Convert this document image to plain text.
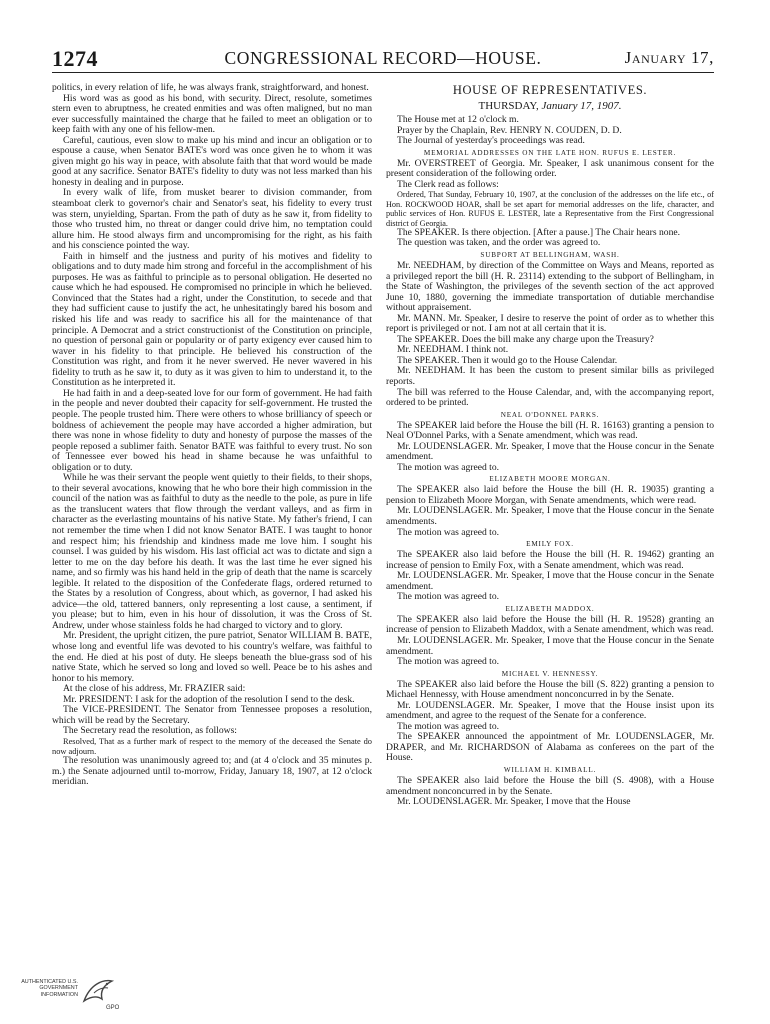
1274	CONGRESSIONAL RECORD—HOUSE.	January 17,

politics, in every relation of life, he was always frank, straightforward, and honest.

His word was as good as his bond, with security. Direct, resolute, sometimes stern even to abruptness, he created enmities and was often maligned, but no man ever successfully maintained the charge that he failed to meet an obligation or to keep faith with any one of his fellow-men.

Careful, cautious, even slow to make up his mind and incur an obligation or to espouse a cause, when Senator BATE's word was once given he to whom it was given might go his way in peace, with absolute faith that that word would be made good at any sacrifice. Senator BATE's fidelity to duty was not less marked than his honesty in dealing and in purpose.

In every walk of life, from musket bearer to division commander, from steamboat clerk to governor's chair and Senator's seat, his fidelity to every trust was stern, unyielding, Spartan. From the path of duty as he saw it, from fidelity to those who trusted him, no threat or danger could drive him, no temptation could allure him. He stood always firm and uncompromising for the right, as his faith and his conscience pointed the way.

Faith in himself and the justness and purity of his motives and fidelity to obligations and to duty made him strong and forceful in the accomplishment of his purposes. He was as faithful to principle as to personal obligation. He deserted no cause which he had espoused. He compromised no principle in which he believed. Convinced that the States had a right, under the Constitution, to secede and that they had sufficient cause to justify the act, he unhesitatingly bared his bosom and risked his life and was ready to sacrifice his all for the maintenance of that principle. A Democrat and a strict constructionist of the Constitution on principle, no question of personal gain or popularity or of party exigency ever caused him to waver in his fidelity to that principle. He believed his construction of the Constitution was right, and from it he never swerved. He never wavered in his fidelity to truth as he saw it, to duty as it was given to him to understand it, to the Constitution as he interpreted it.

He had faith in and a deep-seated love for our form of government. He had faith in the people and never doubted their capacity for self-government. He trusted the people. The people trusted him. There were others to whose brilliancy of speech or boldness of achievement the people may have accorded a higher admiration, but there was none in whose fidelity to duty and honesty of purpose the masses of the people reposed a sublimer faith. Senator BATE was faithful to every trust. No son of Tennessee ever bowed his head in shame because he was unfaithful to obligation or to duty.

While he was their servant the people went quietly to their fields, to their shops, to their several avocations, knowing that he who bore their high commission in the council of the nation was as faithful to duty as the needle to the pole, as pure in life as the translucent waters that flow through the verdant valleys, and as firm in character as the everlasting mountains of his native State. My father's friend, I can not remember the time when I did not know Senator BATE. I was taught to honor and respect him; his friendship and kindness made me love him. I sought his counsel. I was guided by his wisdom. His last official act was to dictate and sign a letter to me on the day before his death. It was the last time he ever signed his name, and so firmly was his hand held in the grip of death that the name is scarcely legible. It related to the disposition of the Confederate flags, ordered returned to the States by a resolution of Congress, about which, as governor, I had asked his advice—the old, tattered banners, only representing a lost cause, a sentiment, if you please; but to him, even in his hour of dissolution, it was the Cross of St. Andrew, under whose stainless folds he had charged to victory and to glory.

Mr. President, the upright citizen, the pure patriot, Senator WILLIAM B. BATE, whose long and eventful life was devoted to his country's welfare, was faithful to the end. He died at his post of duty. He sleeps beneath the blue-grass sod of his native State, which he served so long and loved so well. Peace be to his ashes and honor to his memory.

At the close of his address, Mr. FRAZIER said:

Mr. PRESIDENT: I ask for the adoption of the resolution I send to the desk.

The VICE-PRESIDENT. The Senator from Tennessee proposes a resolution, which will be read by the Secretary.

The Secretary read the resolution, as follows:

Resolved, That as a further mark of respect to the memory of the deceased the Senate do now adjourn.

The resolution was unanimously agreed to; and (at 4 o'clock and 35 minutes p. m.) the Senate adjourned until to-morrow, Friday, January 18, 1907, at 12 o'clock meridian.

HOUSE OF REPRESENTATIVES.
THURSDAY, January 17, 1907.

The House met at 12 o'clock m.

Prayer by the Chaplain, Rev. HENRY N. COUDEN, D. D.

The Journal of yesterday's proceedings was read.

MEMORIAL ADDRESSES ON THE LATE HON. RUFUS E. LESTER.

Mr. OVERSTREET of Georgia. Mr. Speaker, I ask unanimous consent for the present consideration of the following order.

The Clerk read as follows:

Ordered, That Sunday, February 10, 1907, at the conclusion of the addresses on the life etc., of Hon. ROCKWOOD HOAR, shall be set apart for memorial addresses on the life, character, and public services of Hon. RUFUS E. LESTER, late a Representative from the First Congressional district of Georgia.

The SPEAKER. Is there objection. [After a pause.] The Chair hears none.

The question was taken, and the order was agreed to.

SUBPORT AT BELLINGHAM, WASH.

Mr. NEEDHAM, by direction of the Committee on Ways and Means, reported as a privileged report the bill (H. R. 23114) extending to the subport of Bellingham, in the State of Washington, the privileges of the seventh section of the act approved June 10, 1880, governing the immediate transportation of dutiable merchandise without appraisement.

Mr. MANN. Mr. Speaker, I desire to reserve the point of order as to whether this report is privileged or not. I am not at all certain that it is.

The SPEAKER. Does the bill make any charge upon the Treasury?

Mr. NEEDHAM. I think not.

The SPEAKER. Then it would go to the House Calendar.

Mr. NEEDHAM. It has been the custom to present similar bills as privileged reports.

The bill was referred to the House Calendar, and, with the accompanying report, ordered to be printed.

NEAL O'DONNEL PARKS.

The SPEAKER laid before the House the bill (H. R. 16163) granting a pension to Neal O'Donnel Parks, with a Senate amendment, which was read.

Mr. LOUDENSLAGER. Mr. Speaker, I move that the House concur in the Senate amendment.

The motion was agreed to.

ELIZABETH MOORE MORGAN.

The SPEAKER also laid before the House the bill (H. R. 19035) granting a pension to Elizabeth Moore Morgan, with Senate amendments, which were read.

Mr. LOUDENSLAGER. Mr. Speaker, I move that the House concur in the Senate amendments.

The motion was agreed to.

EMILY FOX.

The SPEAKER also laid before the House the bill (H. R. 19462) granting an increase of pension to Emily Fox, with a Senate amendment, which was read.

Mr. LOUDENSLAGER. Mr. Speaker, I move that the House concur in the Senate amendment.

The motion was agreed to.

ELIZABETH MADDOX.

The SPEAKER also laid before the House the bill (H. R. 19528) granting an increase of pension to Elizabeth Maddox, with a Senate amendment, which was read.

Mr. LOUDENSLAGER. Mr. Speaker, I move that the House concur in the Senate amendment.

The motion was agreed to.

MICHAEL V. HENNESSY.

The SPEAKER also laid before the House the bill (S. 822) granting a pension to Michael Hennessy, with House amendment nonconcurred in by the Senate.

Mr. LOUDENSLAGER. Mr. Speaker, I move that the House insist upon its amendment, and agree to the request of the Senate for a conference.

The motion was agreed to.

The SPEAKER announced the appointment of Mr. LOUDENSLAGER, Mr. DRAPER, and Mr. RICHARDSON of Alabama as conferees on the part of the House.

WILLIAM H. KIMBALL.

The SPEAKER also laid before the House the bill (S. 4908), with a House amendment nonconcurred in by the Senate.

Mr. LOUDENSLAGER. Mr. Speaker, I move that the House

AUTHENTICATED U.S. GOVERNMENT INFORMATION
GPO
